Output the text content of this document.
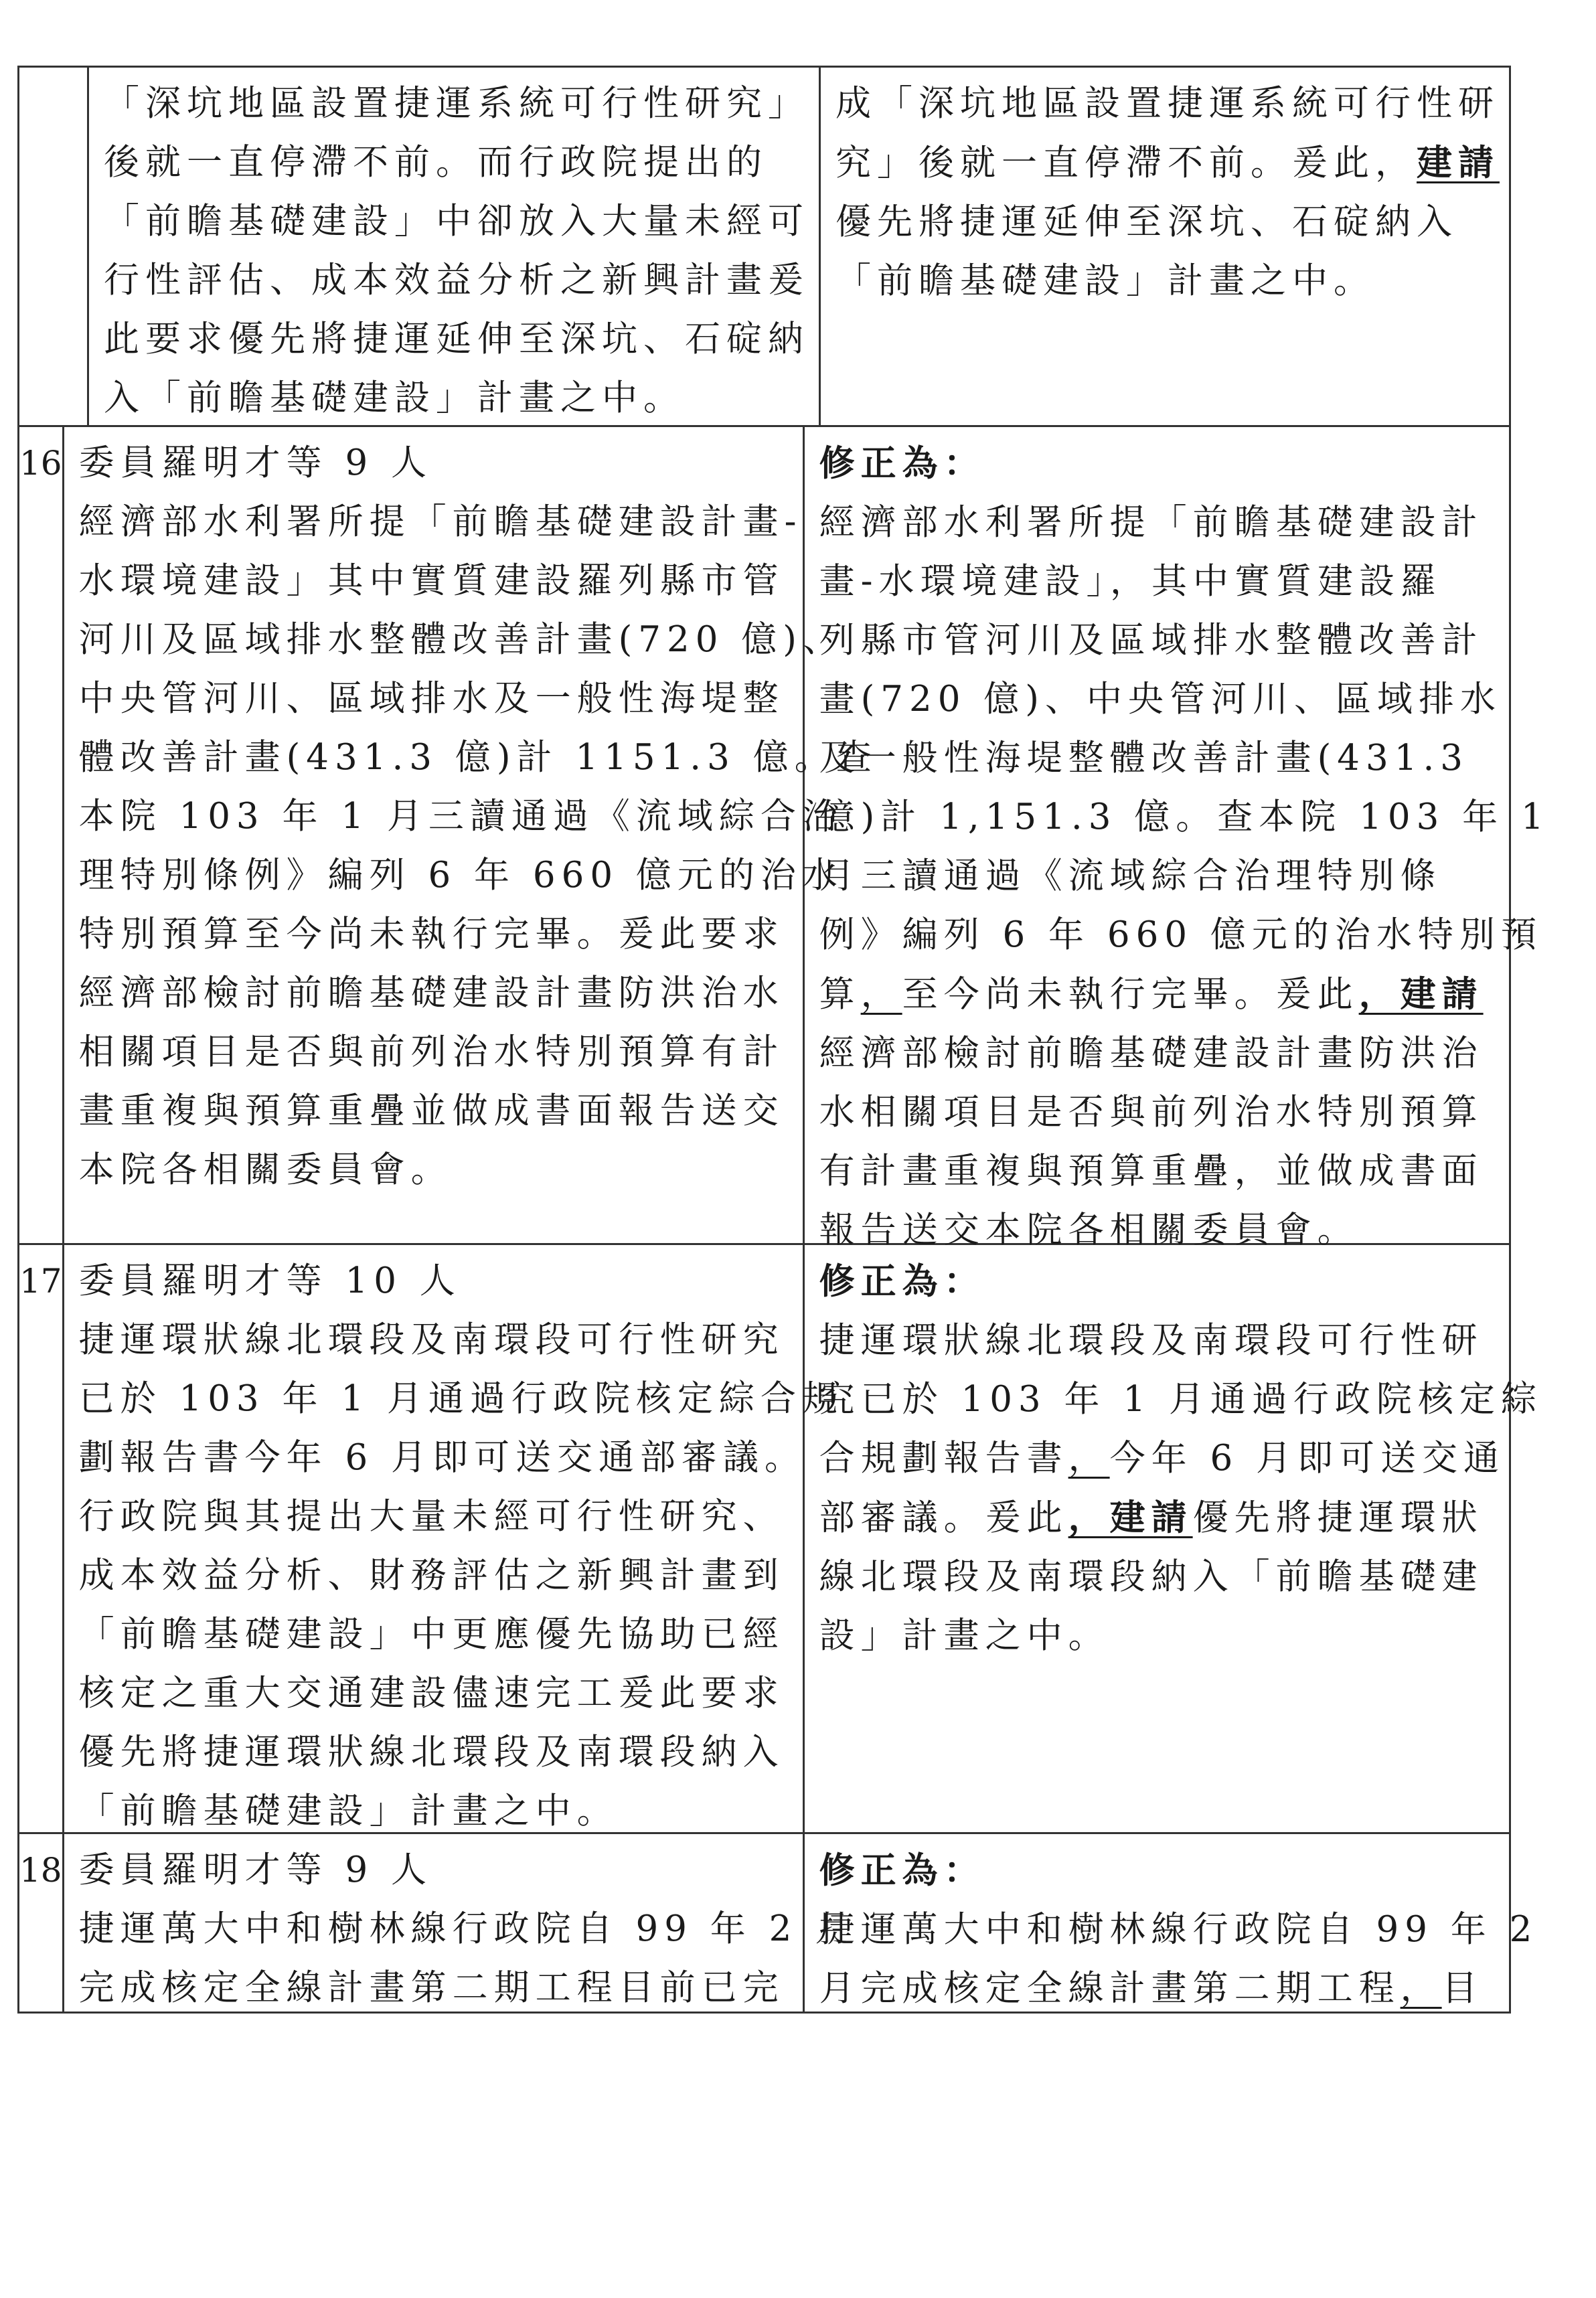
「深坑地區設置捷運系統可行性研究」
後就一直停滯不前。而行政院提出的
「前瞻基礎建設」中卻放入大量未經可
行性評估、成本效益分析之新興計畫爰
此要求優先將捷運延伸至深坑、石碇納
入「前瞻基礎建設」計畫之中。
成「深坑地區設置捷運系統可行性研
究」後就一直停滯不前。爰此，建請
優先將捷運延伸至深坑、石碇納入
「前瞻基礎建設」計畫之中。
16 委員羅明才等 9 人
經濟部水利署所提「前瞻基礎建設計畫-
水環境建設」其中實質建設羅列縣市管
河川及區域排水整體改善計畫(720 億)、
中央管河川、區域排水及一般性海堤整
體改善計畫(431.3 億)計 1151.3 億。查
本院 103 年 1 月三讀通過《流域綜合治
理特別條例》編列 6 年 660 億元的治水
特別預算至今尚未執行完畢。爰此要求
經濟部檢討前瞻基礎建設計畫防洪治水
相關項目是否與前列治水特別預算有計
畫重複與預算重疊並做成書面報告送交
本院各相關委員會。
修正為：
經濟部水利署所提「前瞻基礎建設計
畫-水環境建設」，其中實質建設羅
列縣市管河川及區域排水整體改善計
畫(720 億)、中央管河川、區域排水
及一般性海堤整體改善計畫(431.3
億)計 1,151.3 億。查本院 103 年 1
月三讀通過《流域綜合治理特別條
例》編列 6 年 660 億元的治水特別預
算，至今尚未執行完畢。爰此，建請
經濟部檢討前瞻基礎建設計畫防洪治
水相關項目是否與前列治水特別預算
有計畫重複與預算重疊，並做成書面
報告送交本院各相關委員會。
17 委員羅明才等 10 人
捷運環狀線北環段及南環段可行性研究
已於 103 年 1 月通過行政院核定綜合規
劃報告書今年 6 月即可送交通部審議。
行政院與其提出大量未經可行性研究、
成本效益分析、財務評估之新興計畫到
「前瞻基礎建設」中更應優先協助已經
核定之重大交通建設儘速完工爰此要求
優先將捷運環狀線北環段及南環段納入
「前瞻基礎建設」計畫之中。
修正為：
捷運環狀線北環段及南環段可行性研
究已於 103 年 1 月通過行政院核定綜
合規劃報告書，今年 6 月即可送交通
部審議。爰此，建請優先將捷運環狀
線北環段及南環段納入「前瞻基礎建
設」計畫之中。
18 委員羅明才等 9 人
捷運萬大中和樹林線行政院自 99 年 2 月
完成核定全線計畫第二期工程目前已完
修正為：
捷運萬大中和樹林線行政院自 99 年 2
月完成核定全線計畫第二期工程，目
